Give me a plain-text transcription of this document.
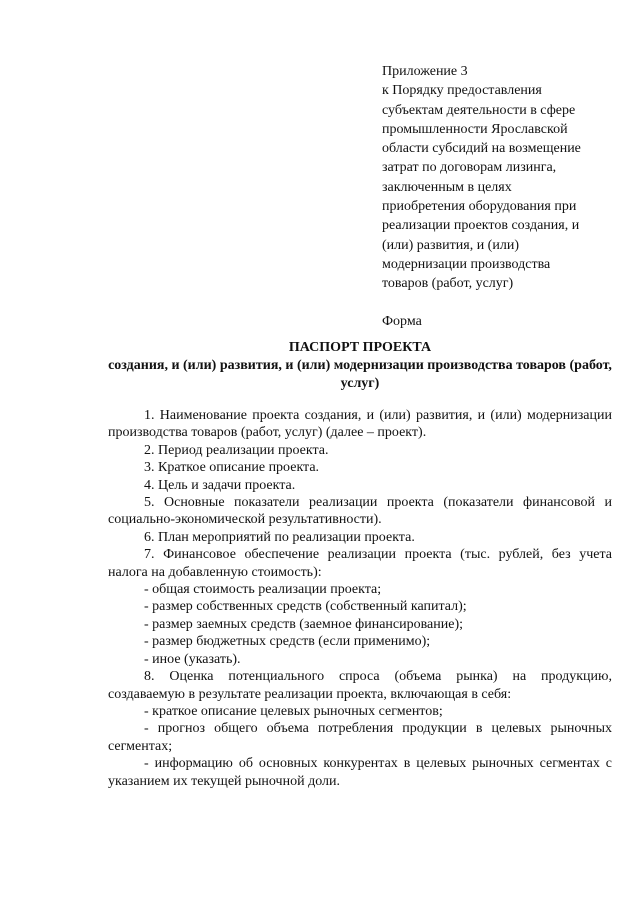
Приложение 3
к Порядку предоставления
субъектам деятельности в сфере
промышленности Ярославской
области субсидий на возмещение
затрат по договорам лизинга,
заключенным в целях
приобретения оборудования при
реализации проектов создания, и
(или) развития, и (или)
модернизации производства
товаров (работ, услуг)
Форма
ПАСПОРТ ПРОЕКТА
создания, и (или) развития, и (или) модернизации производства товаров (работ, услуг)

1. Наименование проекта создания, и (или) развития, и (или) модернизации производства товаров (работ, услуг) (далее – проект).

2. Период реализации проекта.

3. Краткое описание проекта.

4. Цель и задачи проекта.

5. Основные показатели реализации проекта (показатели финансовой и социально-экономической результативности).

6. План мероприятий по реализации проекта.

7. Финансовое обеспечение реализации проекта (тыс. рублей, без учета налога на добавленную стоимость):

- общая стоимость реализации проекта;

- размер собственных средств (собственный капитал);

- размер заемных средств (заемное финансирование);

- размер бюджетных средств (если применимо);

- иное (указать).

8. Оценка потенциального спроса (объема рынка) на продукцию, создаваемую в результате реализации проекта, включающая в себя:

- краткое описание целевых рыночных сегментов;

- прогноз общего объема потребления продукции в целевых рыночных сегментах;

- информацию об основных конкурентах в целевых рыночных сегментах с указанием их текущей рыночной доли.
